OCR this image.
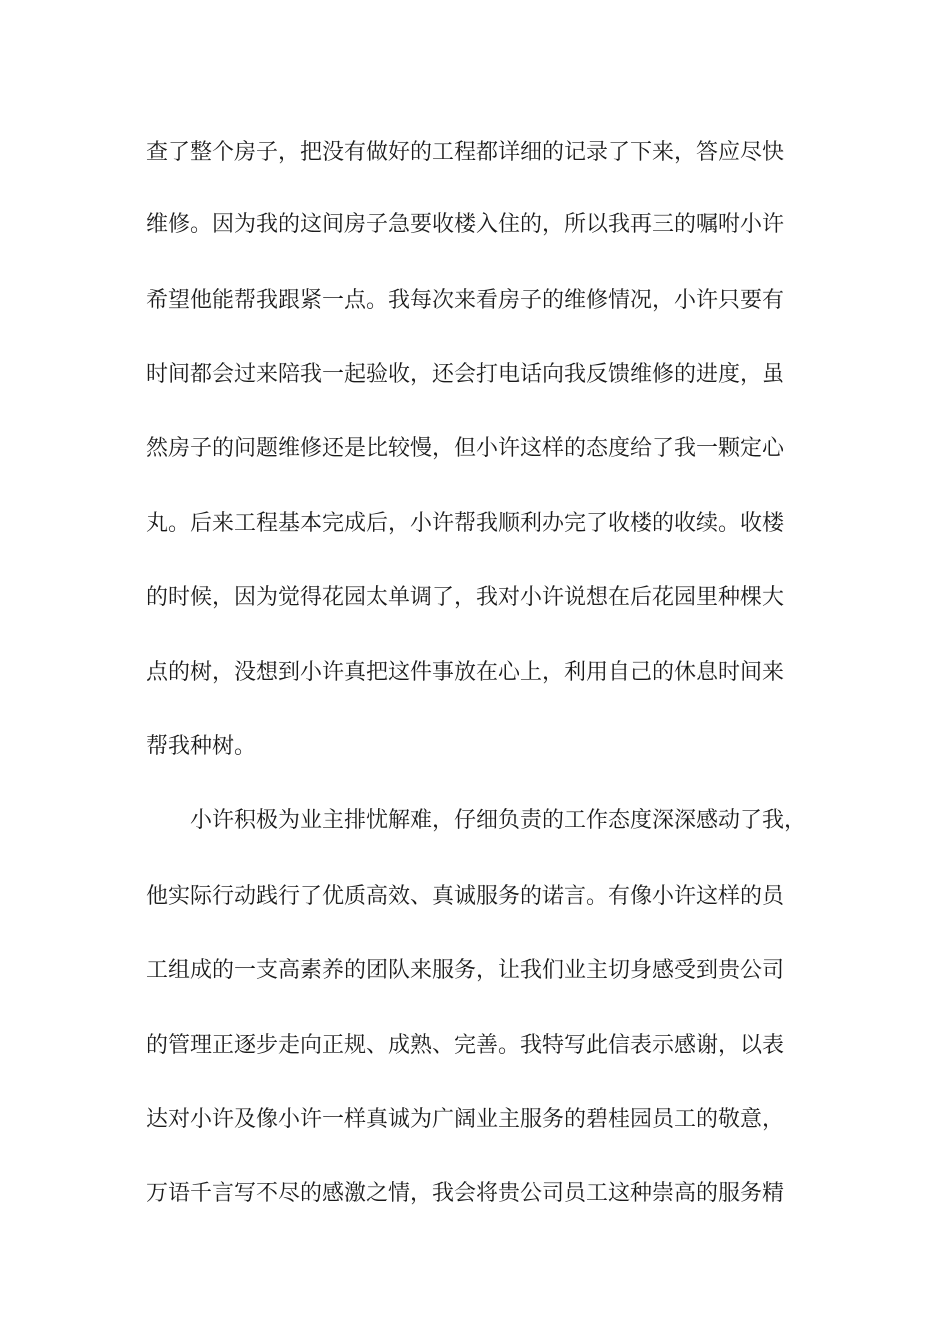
查了整个房子，把没有做好的工程都详细的记录了下来，答应尽快
维修。因为我的这间房子急要收楼入住的，所以我再三的嘱咐小许
希望他能帮我跟紧一点。我每次来看房子的维修情况，小许只要有
时间都会过来陪我一起验收，还会打电话向我反馈维修的进度，虽
然房子的问题维修还是比较慢，但小许这样的态度给了我一颗定心
丸。后来工程基本完成后，小许帮我顺利办完了收楼的收续。收楼
的时候，因为觉得花园太单调了，我对小许说想在后花园里种棵大
点的树，没想到小许真把这件事放在心上，利用自己的休息时间来
帮我种树。
小许积极为业主排忧解难，仔细负责的工作态度深深感动了我，
他实际行动践行了优质高效、真诚服务的诺言。有像小许这样的员
工组成的一支高素养的团队来服务，让我们业主切身感受到贵公司
的管理正逐步走向正规、成熟、完善。我特写此信表示感谢，以表
达对小许及像小许一样真诚为广阔业主服务的碧桂园员工的敬意，
万语千言写不尽的感激之情，我会将贵公司员工这种崇高的服务精
